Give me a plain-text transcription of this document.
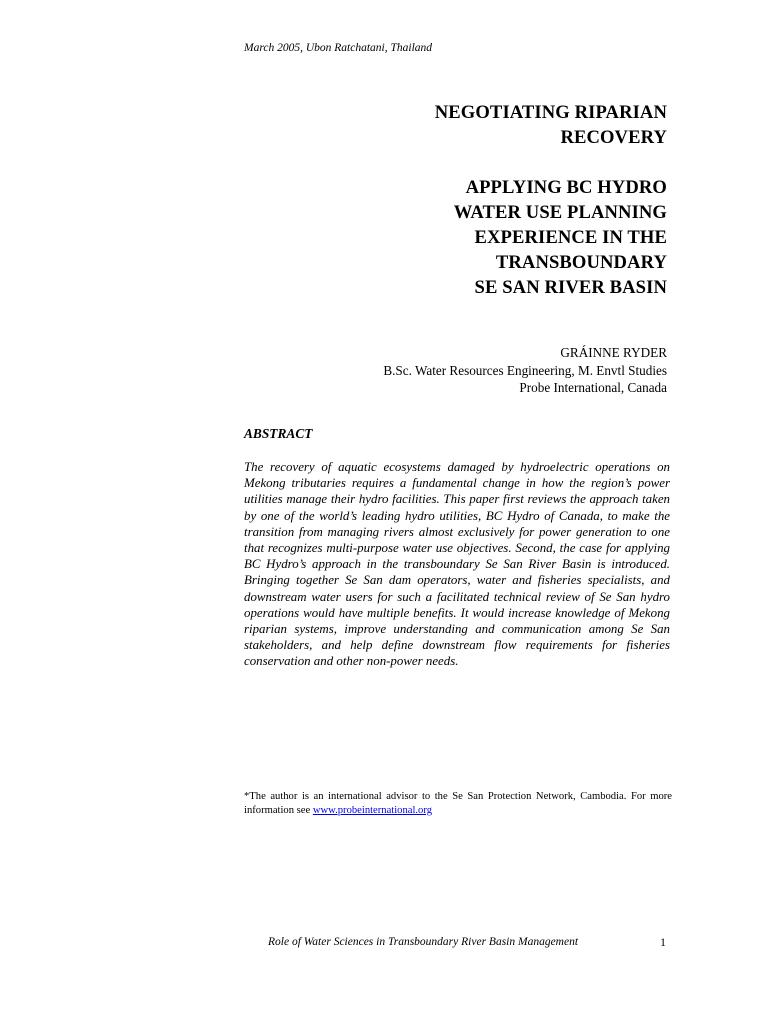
March 2005, Ubon Ratchatani, Thailand
NEGOTIATING RIPARIAN
RECOVERY
APPLYING BC HYDRO
WATER USE PLANNING
EXPERIENCE IN THE
TRANSBOUNDARY
SE SAN RIVER BASIN
GRÁINNE RYDER
B.Sc. Water Resources Engineering, M. Envtl Studies
Probe International, Canada
ABSTRACT
The recovery of aquatic ecosystems damaged by hydroelectric operations on Mekong tributaries requires a fundamental change in how the region’s power utilities manage their hydro facilities. This paper first reviews the approach taken by one of the world’s leading hydro utilities, BC Hydro of Canada, to make the transition from managing rivers almost exclusively for power generation to one that recognizes multi-purpose water use objectives. Second, the case for applying BC Hydro’s approach in the transboundary Se San River Basin is introduced. Bringing together Se San dam operators, water and fisheries specialists, and downstream water users for such a facilitated technical review of Se San hydro operations would have multiple benefits. It would increase knowledge of Mekong riparian systems, improve understanding and communication among Se San stakeholders, and help define downstream flow requirements for fisheries conservation and other non-power needs.
*The author is an international advisor to the Se San Protection Network, Cambodia. For more information see www.probeinternational.org
Role of Water Sciences in Transboundary River Basin Management	1
